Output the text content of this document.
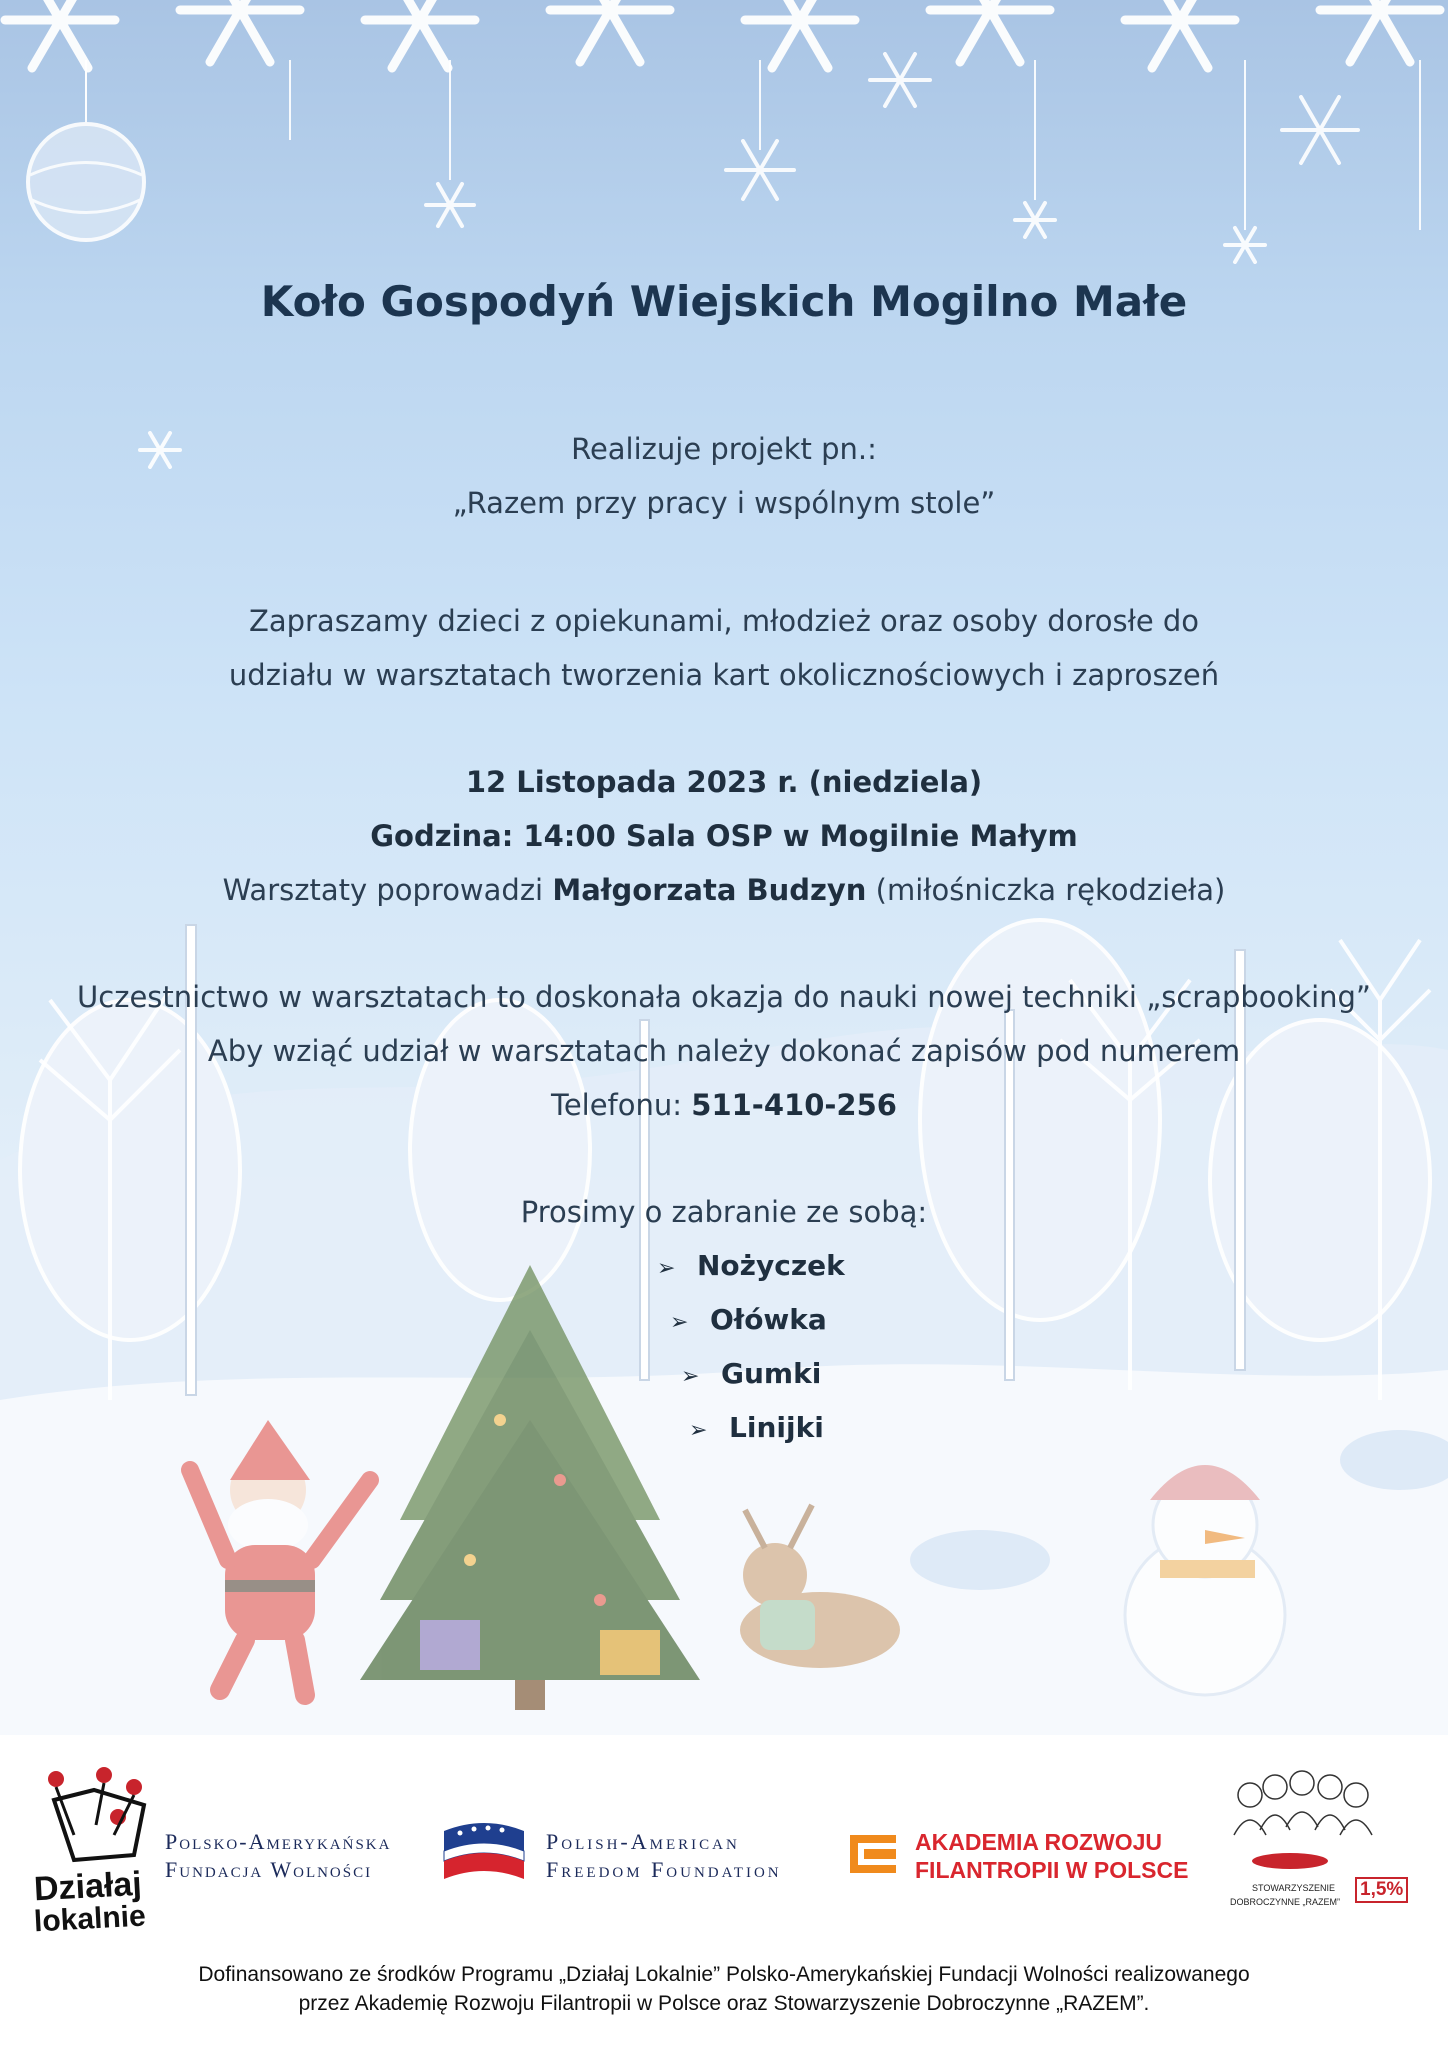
Koło Gospodyń Wiejskich Mogilno Małe
Realizuje projekt pn.:
„Razem przy pracy i wspólnym stole”
Zapraszamy dzieci z opiekunami, młodzież oraz osoby dorosłe do
udziału w warsztatach tworzenia kart okolicznościowych i zaproszeń
12 Listopada 2023 r. (niedziela)
Godzina: 14:00 Sala OSP w Mogilnie Małym
Warsztaty poprowadzi Małgorzata Budzyn (miłośniczka rękodzieła)
Uczestnictwo w warsztatach to doskonała okazja do nauki nowej techniki „scrapbooking”
Aby wziąć udział w warsztatach należy dokonać zapisów pod numerem
Telefonu: 511-410-256
Prosimy o zabranie ze sobą:
➢ Nożyczek
➢ Ołówka
➢ Gumki
➢ Linijki
Działaj
lokalnie
Polsko-Amerykańska
Fundacja Wolności
Polish-American
Freedom Foundation
AKADEMIA ROZWOJU
FILANTROPII W POLSCE
STOWARZYSZENIE
DOBROCZYNNE „RAZEM”
1,5%
Dofinansowano ze środków Programu „Działaj Lokalnie” Polsko-Amerykańskiej Fundacji Wolności realizowanego
przez Akademię Rozwoju Filantropii w Polsce oraz Stowarzyszenie Dobroczynne „RAZEM”.
